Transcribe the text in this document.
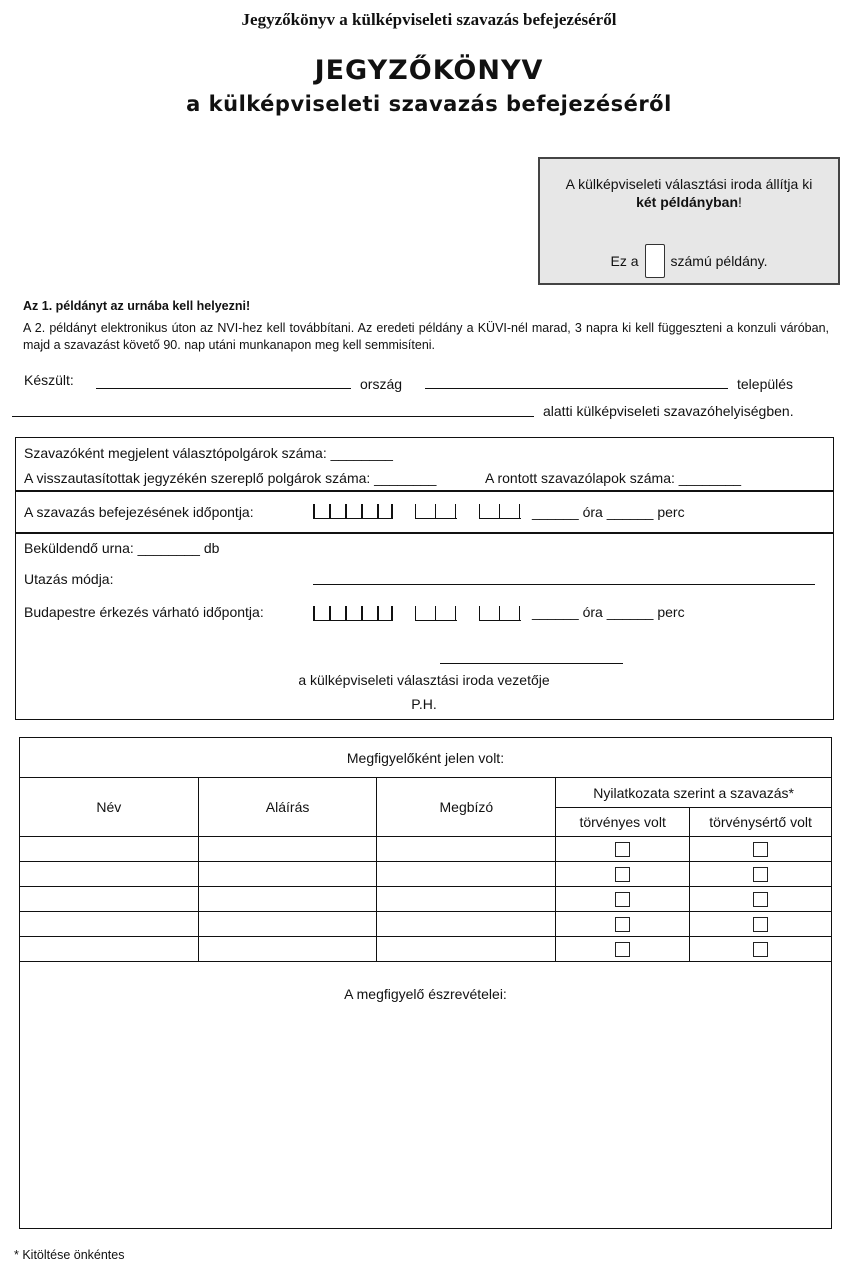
Jegyzőkönyv a külképviseleti szavazás befejezéséről
JEGYZŐKÖNYV
a külképviseleti szavazás befejezéséről
A külképviseleti választási iroda állítja ki
két példányban!
Ez a számú példány.
Az 1. példányt az urnába kell helyezni!
A 2. példányt elektronikus úton az NVI-hez kell továbbítani. Az eredeti példány a KÜVI-nél marad, 3 napra ki kell függeszteni a konzuli váróban, majd a szavazást követő 90. nap utáni munkanapon meg kell semmisíteni.
Készült:	ország	település
alatti külképviseleti szavazóhelyiségben.
Szavazóként megjelent választópolgárok száma: ________
A visszautasítottak jegyzékén szereplő polgárok száma: ________	A rontott szavazólapok száma: ________
A szavazás befejezésének időpontja:

	______ óra ______ perc
Beküldendő urna: ________ db
Utazás módja:
Budapestre érkezés várható időpontja:

	______ óra ______ perc
a külképviseleti választási iroda vezetője
P.H.
Megfigyelőként jelen volt:				
Név	Aláírás	Megbízó	Nyilatkozata szerint a szavazás*	
			törvényes volt	törvénysértő volt

A megfigyelő észrevételei:				
* Kitöltése önkéntes
